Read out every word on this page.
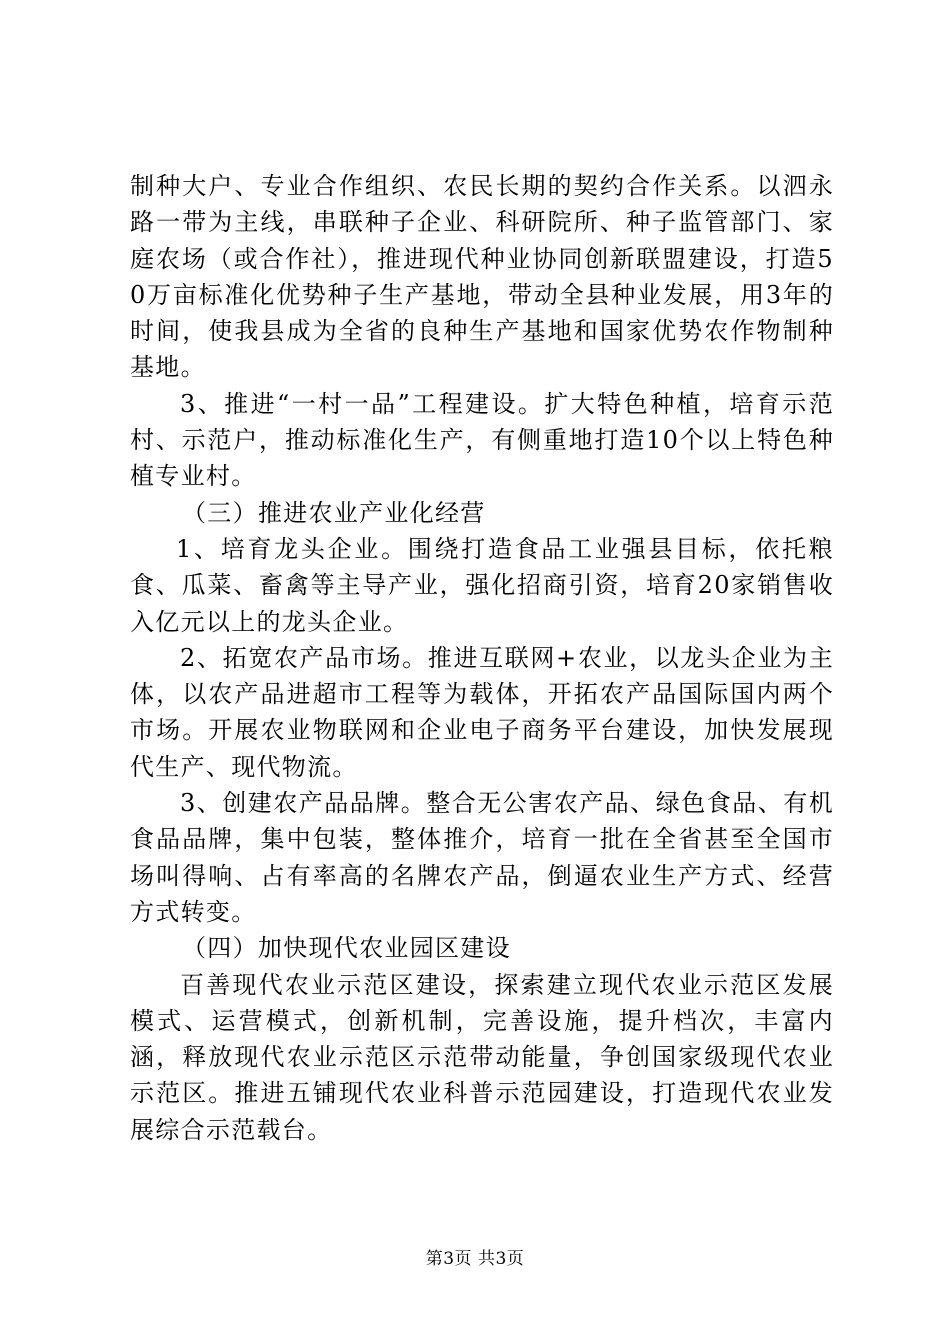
制种大户、专业合作组织、农民长期的契约合作关系。以泗永路一带为主线，串联种子企业、科研院所、种子监管部门、家庭农场（或合作社），推进现代种业协同创新联盟建设，打造50万亩标准化优势种子生产基地，带动全县种业发展，用3年的时间，使我县成为全省的良种生产基地和国家优势农作物制种基地。

3、推进“一村一品”工程建设。扩大特色种植，培育示范村、示范户，推动标准化生产，有侧重地打造10个以上特色种植专业村。

（三）推进农业产业化经营

1、培育龙头企业。围绕打造食品工业强县目标，依托粮食、瓜菜、畜禽等主导产业，强化招商引资，培育20家销售收入亿元以上的龙头企业。

2、拓宽农产品市场。推进互联网+农业，以龙头企业为主体，以农产品进超市工程等为载体，开拓农产品国际国内两个市场。开展农业物联网和企业电子商务平台建设，加快发展现代生产、现代物流。

3、创建农产品品牌。整合无公害农产品、绿色食品、有机食品品牌，集中包装，整体推介，培育一批在全省甚至全国市场叫得响、占有率高的名牌农产品，倒逼农业生产方式、经营方式转变。

（四）加快现代农业园区建设

百善现代农业示范区建设，探索建立现代农业示范区发展模式、运营模式，创新机制，完善设施，提升档次，丰富内涵，释放现代农业示范区示范带动能量，争创国家级现代农业示范区。推进五铺现代农业科普示范园建设，打造现代农业发展综合示范载台。

第3页 共3页
